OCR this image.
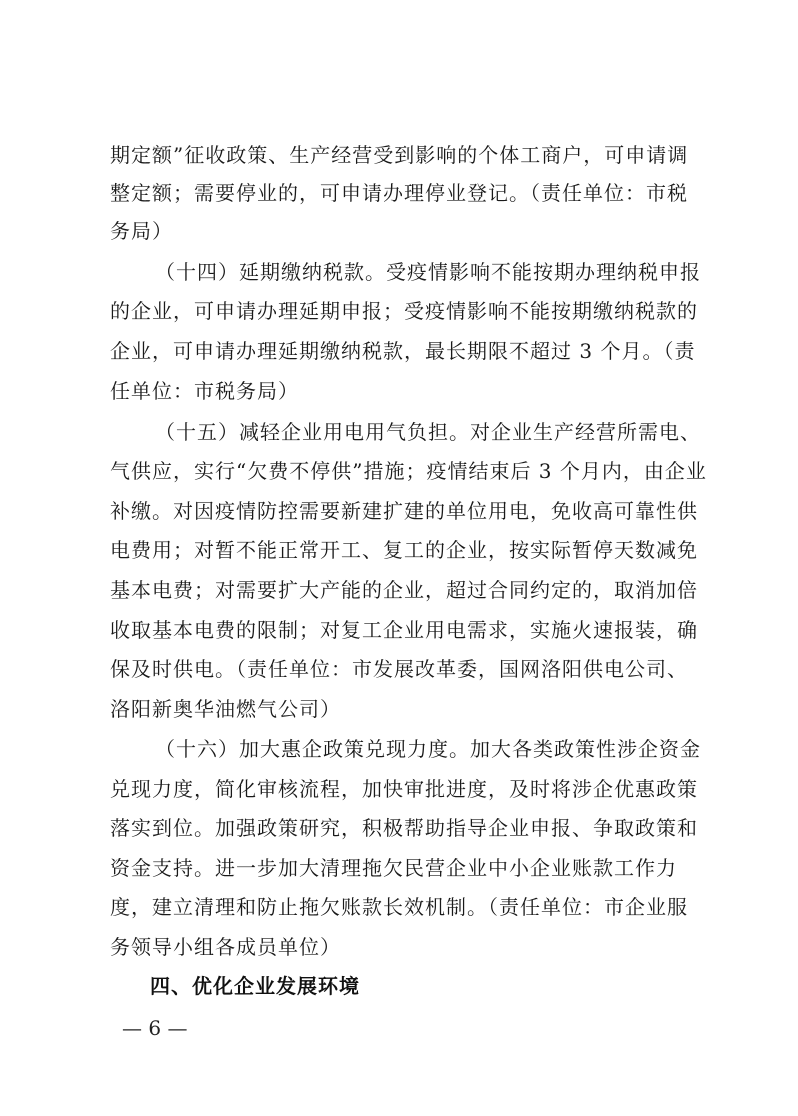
期定额”征收政策、生产经营受到影响的个体工商户，可申请调
整定额；需要停业的，可申请办理停业登记。（责任单位：市税
务局）
（十四）延期缴纳税款。受疫情影响不能按期办理纳税申报
的企业，可申请办理延期申报；受疫情影响不能按期缴纳税款的
企业，可申请办理延期缴纳税款，最长期限不超过 3 个月。（责
任单位：市税务局）
（十五）减轻企业用电用气负担。对企业生产经营所需电、
气供应，实行“欠费不停供”措施；疫情结束后 3 个月内，由企业
补缴。对因疫情防控需要新建扩建的单位用电，免收高可靠性供
电费用；对暂不能正常开工、复工的企业，按实际暂停天数减免
基本电费；对需要扩大产能的企业，超过合同约定的，取消加倍
收取基本电费的限制；对复工企业用电需求，实施火速报装，确
保及时供电。（责任单位：市发展改革委，国网洛阳供电公司、
洛阳新奥华油燃气公司）
（十六）加大惠企政策兑现力度。加大各类政策性涉企资金
兑现力度，简化审核流程，加快审批进度，及时将涉企优惠政策
落实到位。加强政策研究，积极帮助指导企业申报、争取政策和
资金支持。进一步加大清理拖欠民营企业中小企业账款工作力
度，建立清理和防止拖欠账款长效机制。（责任单位：市企业服
务领导小组各成员单位）
四、优化企业发展环境
— 6 —
